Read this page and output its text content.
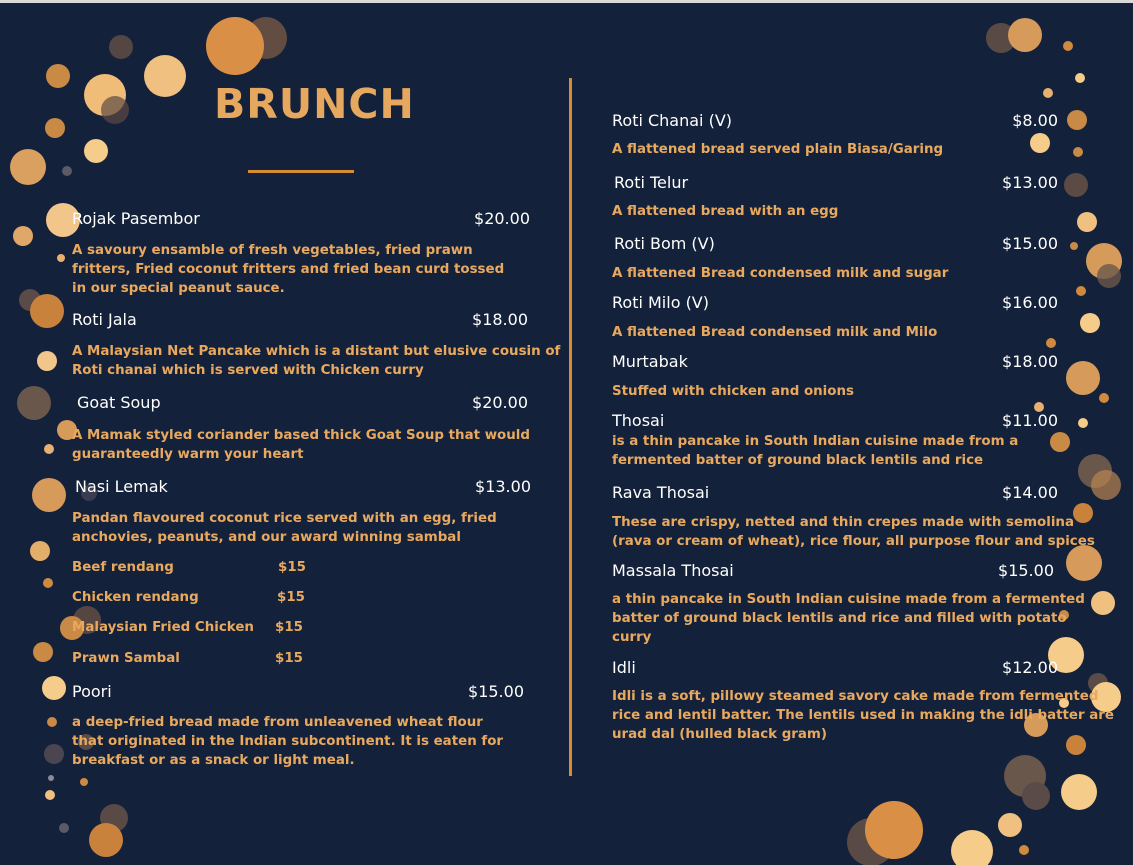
BRUNCH
Rojak Pasembor	$20.00
A savoury ensamble of fresh vegetables, fried prawn
fritters, Fried coconut fritters and fried bean curd tossed
in our special peanut sauce.
Roti Jala	$18.00
A Malaysian Net Pancake which is a distant but elusive cousin of
Roti chanai which is served with Chicken curry
Goat Soup	$20.00
A Mamak styled coriander based thick Goat Soup that would
guaranteedly warm your heart
Nasi Lemak	$13.00
Pandan flavoured coconut rice served with an egg, fried
anchovies, peanuts, and our award winning sambal
Beef rendang	$15
Chicken rendang	$15
Malaysian Fried Chicken $15
Prawn Sambal	$15
Poori	$15.00
a deep-fried bread made from unleavened wheat flour
that originated in the Indian subcontinent. It is eaten for
breakfast or as a snack or light meal.
Roti Chanai (V)	$8.00
A flattened bread served plain Biasa/Garing
Roti Telur	$13.00
A flattened bread with an egg
Roti Bom (V)	$15.00
A flattened Bread condensed milk and sugar
Roti Milo (V)	$16.00
A flattened Bread condensed milk and Milo
Murtabak	$18.00
Stuffed with chicken and onions
Thosai	$11.00
is a thin pancake in South Indian cuisine made from a
fermented batter of ground black lentils and rice
Rava Thosai	$14.00
These are crispy, netted and thin crepes made with semolina
(rava or cream of wheat), rice flour, all purpose flour and spices
Massala Thosai	$15.00
a thin pancake in South Indian cuisine made from a fermented
batter of ground black lentils and rice and filled with potato
curry
Idli	$12.00
Idli is a soft, pillowy steamed savory cake made from fermented
rice and lentil batter. The lentils used in making the idli batter are
urad dal (hulled black gram)
